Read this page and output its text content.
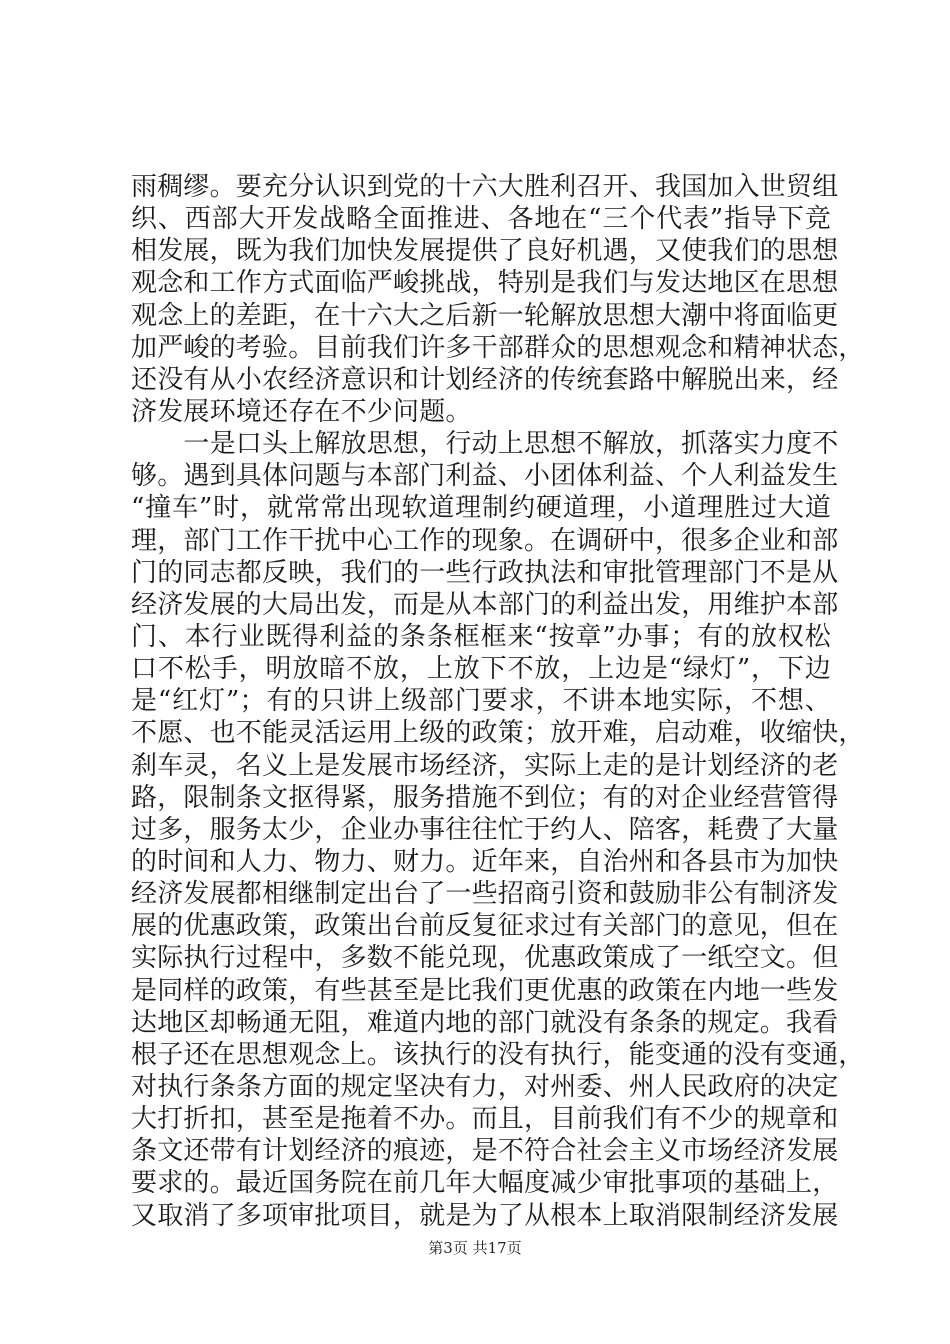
雨稠缪。要充分认识到党的十六大胜利召开、我国加入世贸组
织、西部大开发战略全面推进、各地在“三个代表”指导下竞
相发展，既为我们加快发展提供了良好机遇，又使我们的思想
观念和工作方式面临严峻挑战，特别是我们与发达地区在思想
观念上的差距，在十六大之后新一轮解放思想大潮中将面临更
加严峻的考验。目前我们许多干部群众的思想观念和精神状态，
还没有从小农经济意识和计划经济的传统套路中解脱出来，经
济发展环境还存在不少问题。
　　一是口头上解放思想，行动上思想不解放，抓落实力度不
够。遇到具体问题与本部门利益、小团体利益、个人利益发生
“撞车”时，就常常出现软道理制约硬道理，小道理胜过大道
理，部门工作干扰中心工作的现象。在调研中，很多企业和部
门的同志都反映，我们的一些行政执法和审批管理部门不是从
经济发展的大局出发，而是从本部门的利益出发，用维护本部
门、本行业既得利益的条条框框来“按章”办事；有的放权松
口不松手，明放暗不放，上放下不放，上边是“绿灯”，下边
是“红灯”；有的只讲上级部门要求，不讲本地实际，不想、
不愿、也不能灵活运用上级的政策；放开难，启动难，收缩快，
刹车灵，名义上是发展市场经济，实际上走的是计划经济的老
路，限制条文抠得紧，服务措施不到位；有的对企业经营管得
过多，服务太少，企业办事往往忙于约人、陪客，耗费了大量
的时间和人力、物力、财力。近年来，自治州和各县市为加快
经济发展都相继制定出台了一些招商引资和鼓励非公有制济发
展的优惠政策，政策出台前反复征求过有关部门的意见，但在
实际执行过程中，多数不能兑现，优惠政策成了一纸空文。但
是同样的政策，有些甚至是比我们更优惠的政策在内地一些发
达地区却畅通无阻，难道内地的部门就没有条条的规定。我看
根子还在思想观念上。该执行的没有执行，能变通的没有变通，
对执行条条方面的规定坚决有力，对州委、州人民政府的决定
大打折扣，甚至是拖着不办。而且，目前我们有不少的规章和
条文还带有计划经济的痕迹，是不符合社会主义市场经济发展
要求的。最近国务院在前几年大幅度减少审批事项的基础上，
又取消了多项审批项目，就是为了从根本上取消限制经济发展
第3页 共17页
